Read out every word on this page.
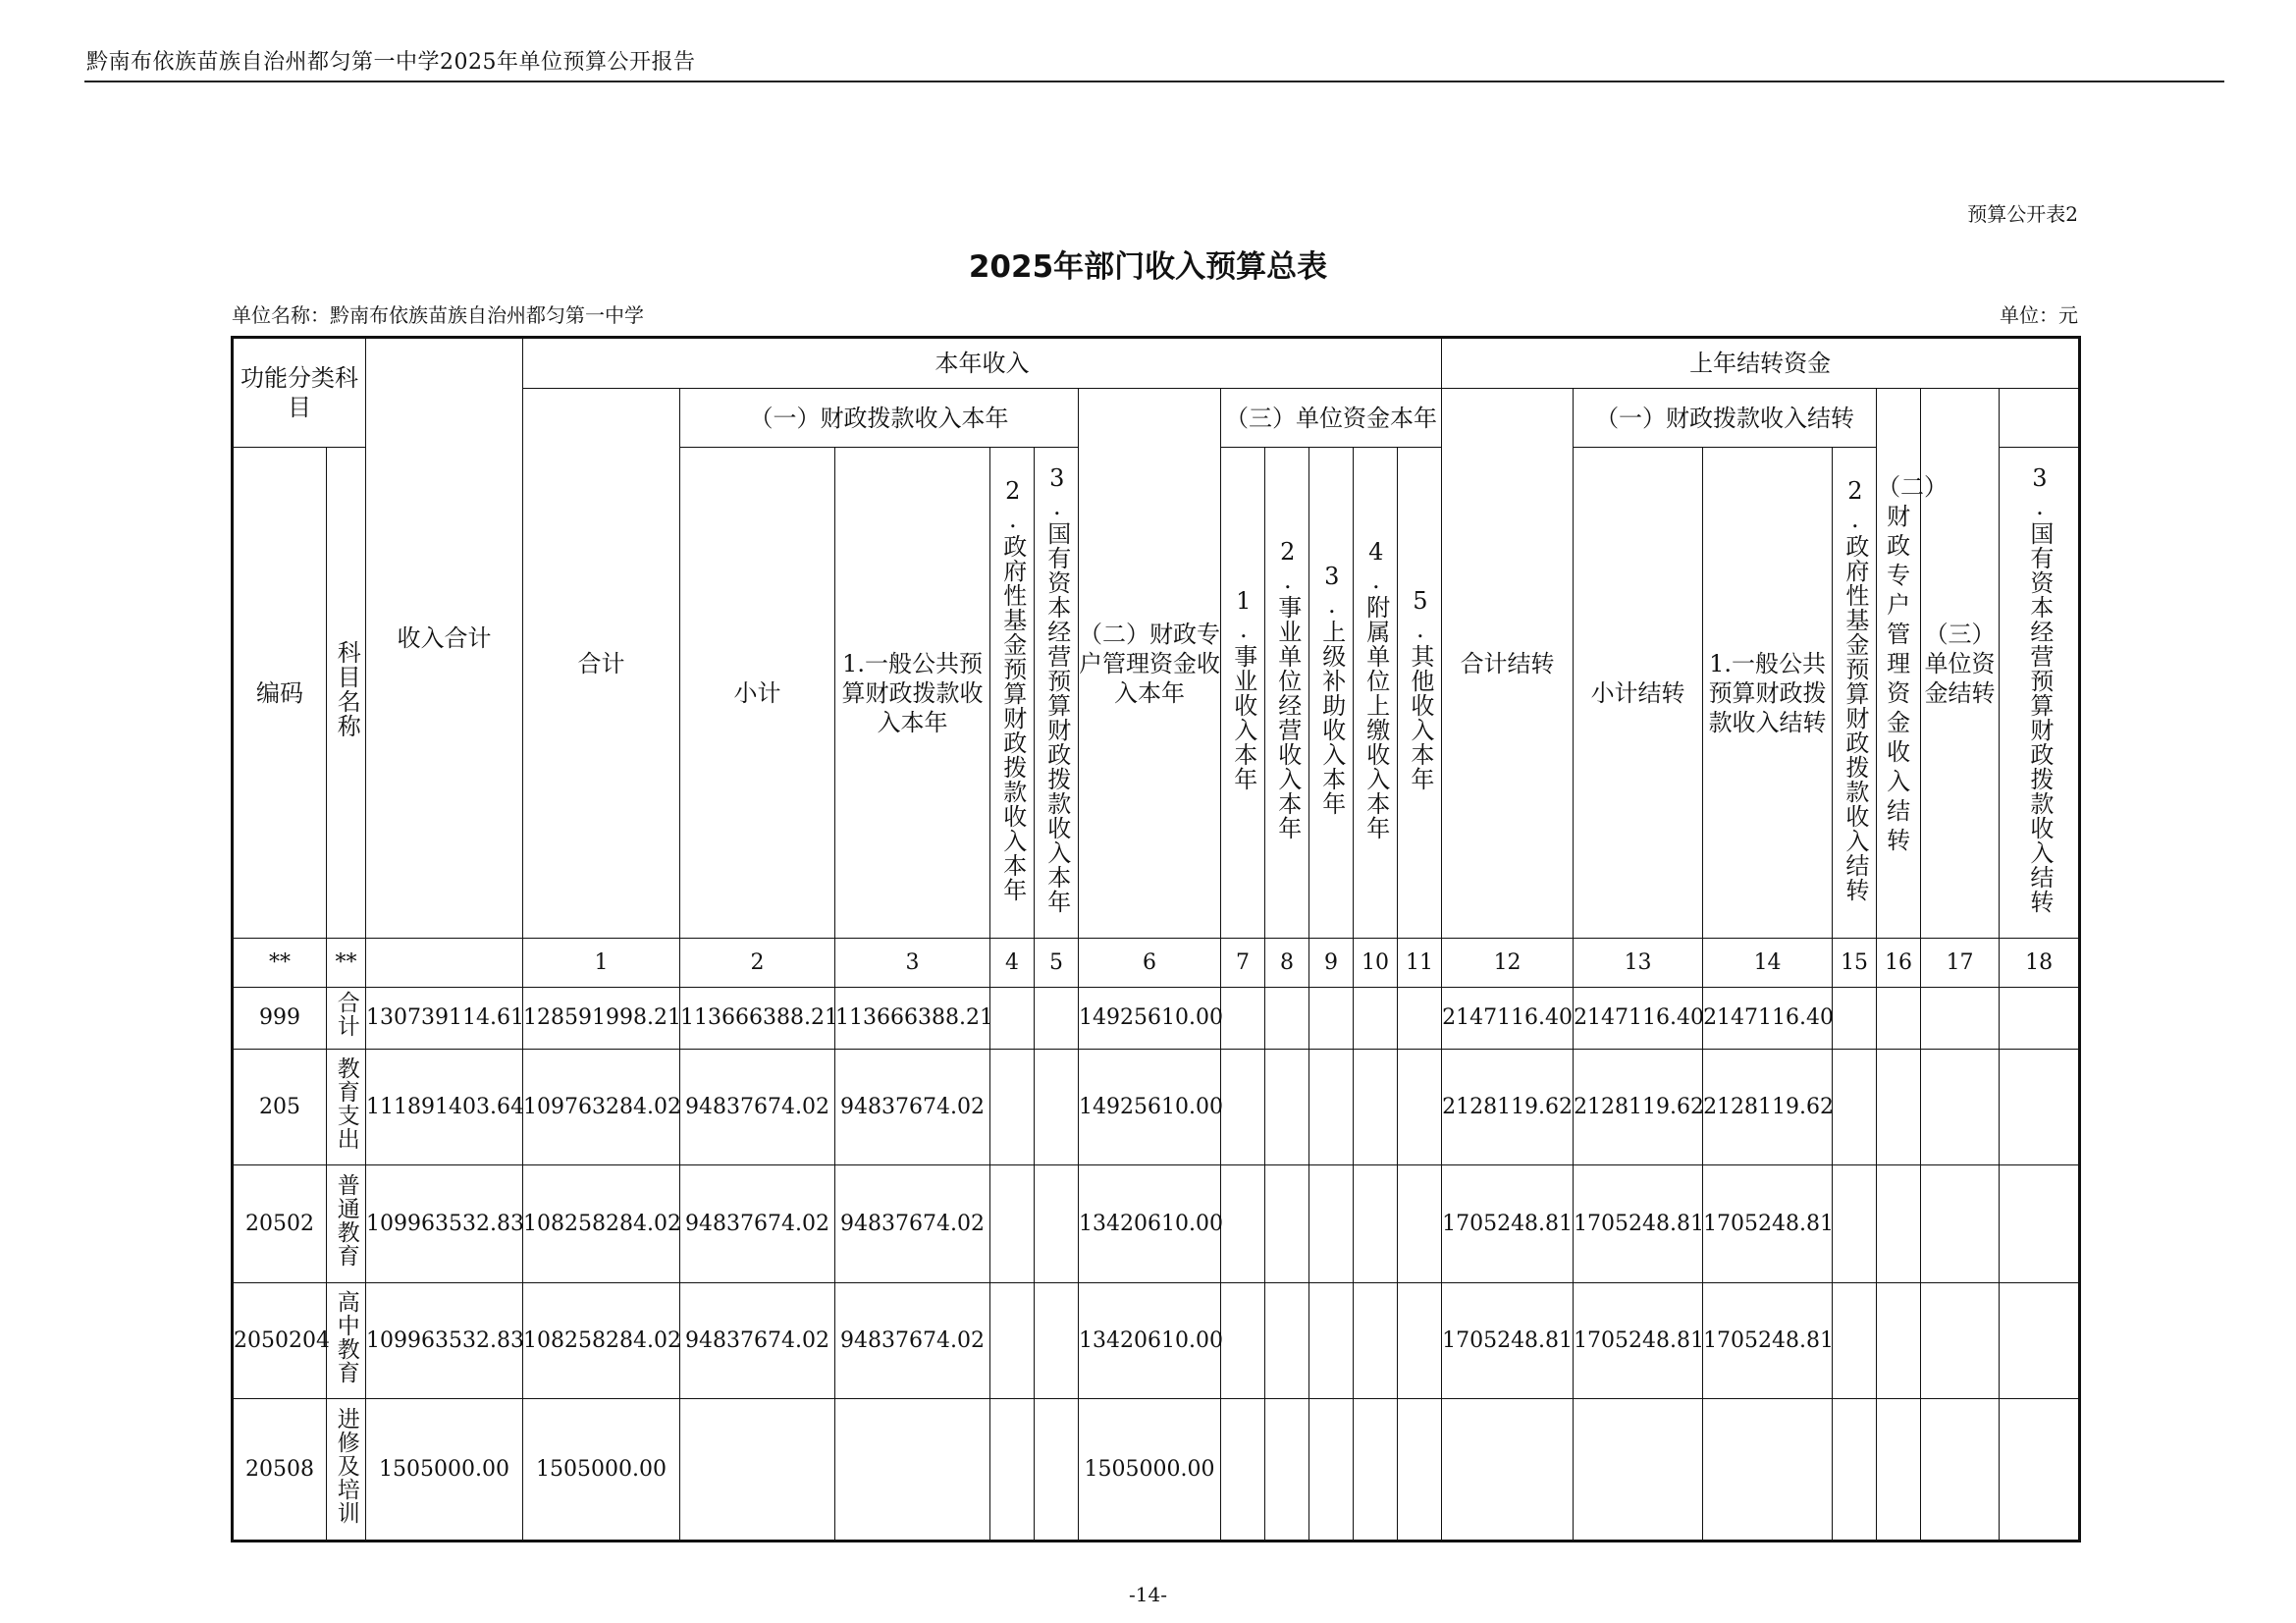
黔南布依族苗族自治州都匀第一中学2025年单位预算公开报告
预算公开表2
2025年部门收入预算总表
单位名称：黔南布依族苗族自治州都匀第一中学	单位：元
功能分类科目		收入合计	本年收入											上年结转资金						
			合计	（一）财政拨款收入本年				（二）财政专户管理资金收入本年	（三）单位资金本年					合计结转	（一）财政拨款收入结转			（二）财政专户管理资金收入结转	（三）单位资金结转	
编码	科目名称			小计	1.一般公共预算财政拨款收入本年	2.政府性基金预算财政拨款收入本年	3.国有资本经营预算财政拨款收入本年		1.事业收入本年	2.事业单位经营收入本年	3.上级补助收入本年	4.附属单位上缴收入本年	5.其他收入本年		小计结转	1.一般公共预算财政拨款收入结转	2.政府性基金预算财政拨款收入结转			3.国有资本经营预算财政拨款收入结转
**	**		1	2	3	4	5	6	7	8	9	10	11	12	13	14	15	16	17	18
999	合计	130739114.61	128591998.21	113666388.21	113666388.21			14925610.00						2147116.40	2147116.40	2147116.40				
205	教育支出	111891403.64	109763284.02	94837674.02	94837674.02			14925610.00						2128119.62	2128119.62	2128119.62				
20502	普通教育	109963532.83	108258284.02	94837674.02	94837674.02			13420610.00						1705248.81	1705248.81	1705248.81				
2050204	高中教育	109963532.83	108258284.02	94837674.02	94837674.02			13420610.00						1705248.81	1705248.81	1705248.81				
20508	进修及培训	1505000.00	1505000.00					1505000.00												
-14-
